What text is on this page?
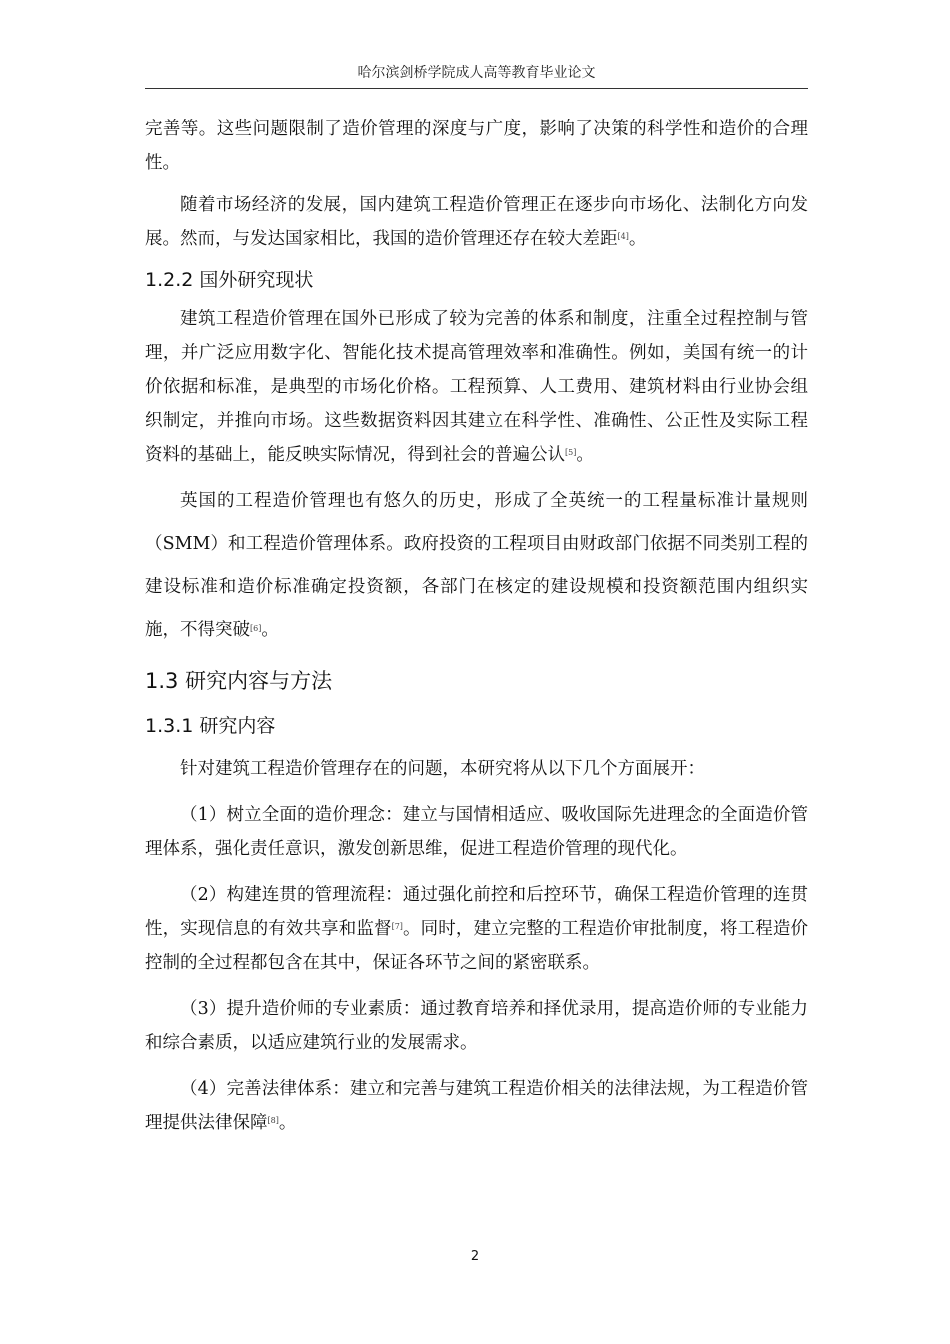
哈尔滨剑桥学院成人高等教育毕业论文

完善等。这些问题限制了造价管理的深度与广度，影响了决策的科学性和造价的合理性。

随着市场经济的发展，国内建筑工程造价管理正在逐步向市场化、法制化方向发展。然而，与发达国家相比，我国的造价管理还存在较大差距[4]。

1.2.2 国外研究现状

建筑工程造价管理在国外已形成了较为完善的体系和制度，注重全过程控制与管理，并广泛应用数字化、智能化技术提高管理效率和准确性。例如，美国有统一的计价依据和标准，是典型的市场化价格。工程预算、人工费用、建筑材料由行业协会组织制定，并推向市场。这些数据资料因其建立在科学性、准确性、公正性及实际工程资料的基础上，能反映实际情况，得到社会的普遍公认[5]。

英国的工程造价管理也有悠久的历史，形成了全英统一的工程量标准计量规则（SMM）和工程造价管理体系。政府投资的工程项目由财政部门依据不同类别工程的建设标准和造价标准确定投资额，各部门在核定的建设规模和投资额范围内组织实施，不得突破[6]。

1.3 研究内容与方法
1.3.1 研究内容

针对建筑工程造价管理存在的问题，本研究将从以下几个方面展开：

（1）树立全面的造价理念：建立与国情相适应、吸收国际先进理念的全面造价管理体系，强化责任意识，激发创新思维，促进工程造价管理的现代化。

（2）构建连贯的管理流程：通过强化前控和后控环节，确保工程造价管理的连贯性，实现信息的有效共享和监督[7]。同时，建立完整的工程造价审批制度，将工程造价控制的全过程都包含在其中，保证各环节之间的紧密联系。

（3）提升造价师的专业素质：通过教育培养和择优录用，提高造价师的专业能力和综合素质，以适应建筑行业的发展需求。

（4）完善法律体系：建立和完善与建筑工程造价相关的法律法规，为工程造价管理提供法律保障[8]。

2
